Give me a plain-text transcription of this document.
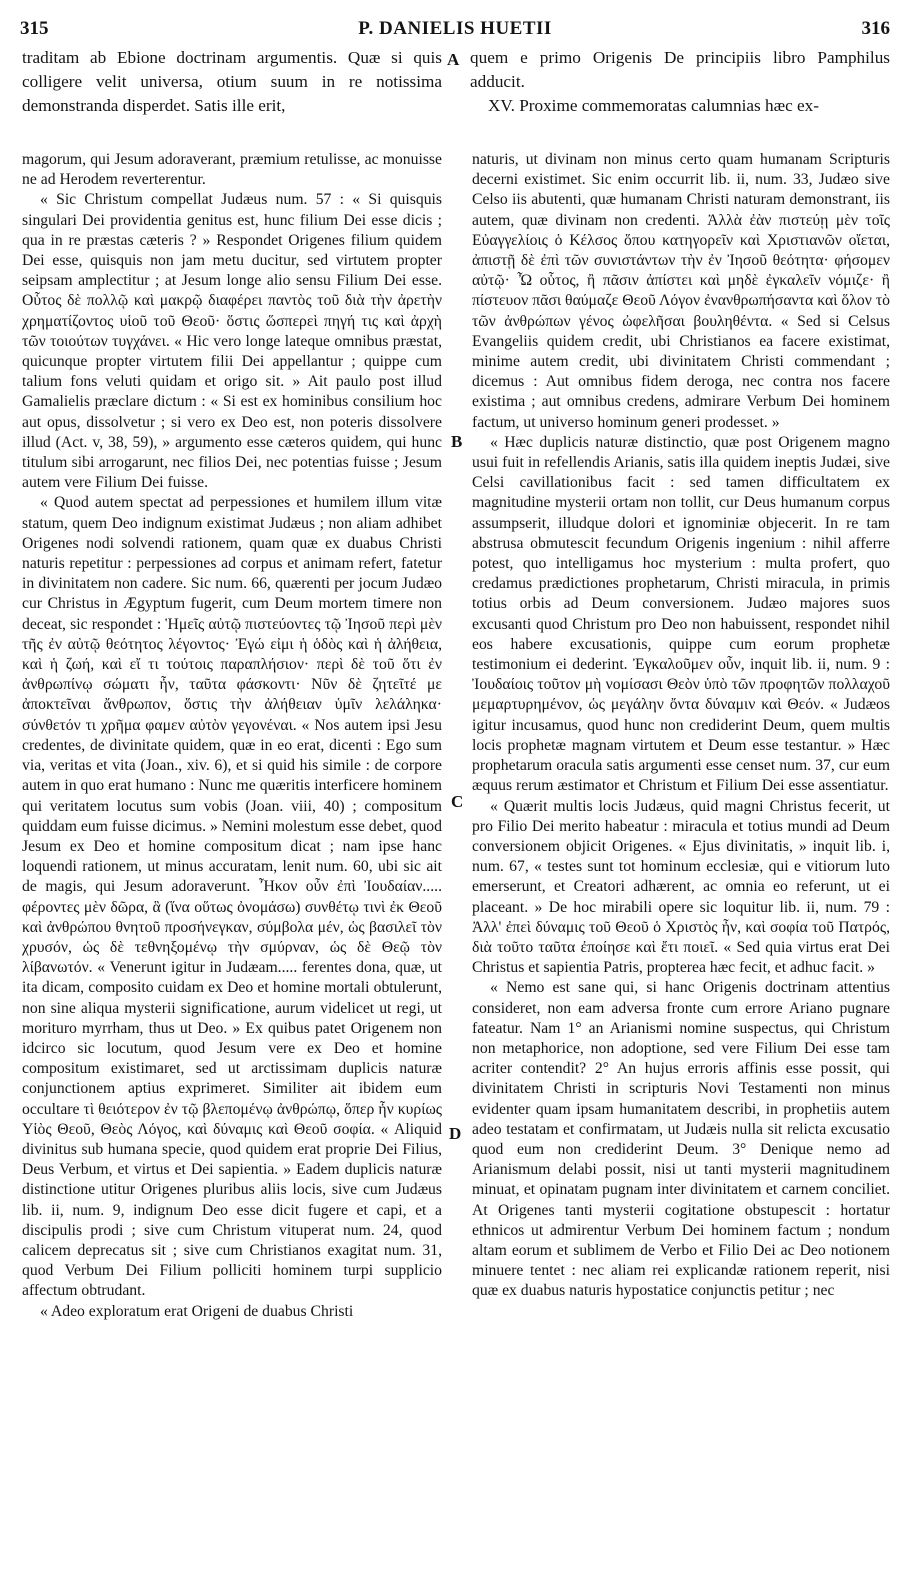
315	P. DANIELIS HUETII	316

traditam ab Ebione doctrinam argumentis. Quæ si quis colligere velit universa, otium suum in re notissima demonstranda disperdet. Satis ille erit,

quem e primo Origenis De principiis libro Pamphilus adducit.

XV. Proxime commemoratas calumnias hæc ex-

A
B
C
D

magorum, qui Jesum adoraverant, præmium retulisse, ac monuisse ne ad Herodem reverterentur.

« Sic Christum compellat Judæus num. 57 : « Si quisquis singulari Dei providentia genitus est, hunc filium Dei esse dicis ; qua in re præstas cæteris ? » Respondet Origenes filium quidem Dei esse, quisquis non jam metu ducitur, sed virtutem propter seipsam amplectitur ; at Jesum longe alio sensu Filium Dei esse. Οὗτος δὲ πολλῷ καὶ μακρῷ διαφέρει παντὸς τοῦ διὰ τὴν ἀρετὴν χρηματίζοντος υἱοῦ τοῦ Θεοῦ· ὅστις ὥσπερεὶ πηγή τις καὶ ἀρχὴ τῶν τοιούτων τυγχάνει. « Hic vero longe lateque omnibus præstat, quicunque propter virtutem filii Dei appellantur ; quippe cum talium fons veluti quidam et origo sit. » Ait paulo post illud Gamalielis præclare dictum : « Si est ex hominibus consilium hoc aut opus, dissolvetur ; si vero ex Deo est, non poteris dissolvere illud (Act. v, 38, 59), » argumento esse cæteros quidem, qui hunc titulum sibi arrogarunt, nec filios Dei, nec potentias fuisse ; Jesum autem vere Filium Dei fuisse.

« Quod autem spectat ad perpessiones et humilem illum vitæ statum, quem Deo indignum existimat Judæus ; non aliam adhibet Origenes nodi solvendi rationem, quam quæ ex duabus Christi naturis repetitur : perpessiones ad corpus et animam refert, fatetur in divinitatem non cadere. Sic num. 66, quærenti per jocum Judæo cur Christus in Ægyptum fugerit, cum Deum mortem timere non deceat, sic respondet : Ἡμεῖς αὐτῷ πιστεύοντες τῷ Ἰησοῦ περὶ μὲν τῆς ἐν αὐτῷ θεότητος λέγοντος· Ἐγώ εἰμι ἡ ὁδὸς καὶ ἡ ἀλήθεια, καὶ ἡ ζωή, καὶ εἴ τι τούτοις παραπλήσιον· περὶ δὲ τοῦ ὅτι ἐν ἀνθρωπίνῳ σώματι ἦν, ταῦτα φάσκοντι· Νῦν δὲ ζητεῖτέ με ἀποκτεῖναι ἄνθρωπον, ὅστις τὴν ἀλήθειαν ὑμῖν λελάληκα· σύνθετόν τι χρῆμα φαμεν αὐτὸν γεγονέναι. « Nos autem ipsi Jesu credentes, de divinitate quidem, quæ in eo erat, dicenti : Ego sum via, veritas et vita (Joan., xiv. 6), et si quid his simile : de corpore autem in quo erat humano : Nunc me quæritis interficere hominem qui veritatem locutus sum vobis (Joan. viii, 40) ; compositum quiddam eum fuisse dicimus. » Nemini molestum esse debet, quod Jesum ex Deo et homine compositum dicat ; nam ipse hanc loquendi rationem, ut minus accuratam, lenit num. 60, ubi sic ait de magis, qui Jesum adoraverunt. Ἦκον οὖν ἐπὶ Ἰουδαίαν..... φέροντες μὲν δῶρα, ἃ (ἵνα οὕτως ὀνομάσω) συνθέτῳ τινὶ ἐκ Θεοῦ καὶ ἀνθρώπου θνητοῦ προσήνεγκαν, σύμβολα μέν, ὡς βασιλεῖ τὸν χρυσόν, ὡς δὲ τεθνηξομένῳ τὴν σμύρναν, ὡς δὲ Θεῷ τὸν λίβανωτόν. « Venerunt igitur in Judæam..... ferentes dona, quæ, ut ita dicam, composito cuidam ex Deo et homine mortali obtulerunt, non sine aliqua mysterii significatione, aurum videlicet ut regi, ut morituro myrrham, thus ut Deo. » Ex quibus patet Origenem non idcirco sic locutum, quod Jesum vere ex Deo et homine compositum existimaret, sed ut arctissimam duplicis naturæ conjunctionem aptius exprimeret. Similiter ait ibidem eum occultare τὶ θειότερον ἐν τῷ βλεπομένῳ ἀνθρώπῳ, ὅπερ ἦν κυρίως Υἱὸς Θεοῦ, Θεὸς Λόγος, καὶ δύναμις καὶ Θεοῦ σοφία. « Aliquid divinitus sub humana specie, quod quidem erat proprie Dei Filius, Deus Verbum, et virtus et Dei sapientia. » Eadem duplicis naturæ distinctione utitur Origenes pluribus aliis locis, sive cum Judæus lib. ii, num. 9, indignum Deo esse dicit fugere et capi, et a discipulis prodi ; sive cum Christum vituperat num. 24, quod calicem deprecatus sit ; sive cum Christianos exagitat num. 31, quod Verbum Dei Filium polliciti hominem turpi supplicio affectum obtrudant.

« Adeo exploratum erat Origeni de duabus Christi

naturis, ut divinam non minus certo quam humanam Scripturis decerni existimet. Sic enim occurrit lib. ii, num. 33, Judæo sive Celso iis abutenti, quæ humanam Christi naturam demonstrant, iis autem, quæ divinam non credenti. Ἀλλὰ ἐὰν πιστεύῃ μὲν τοῖς Εὐαγγελίοις ὁ Κέλσος ὅπου κατηγορεῖν καὶ Χριστιανῶν οἴεται, ἀπιστῇ δὲ ἐπὶ τῶν συνιστάντων τὴν ἐν Ἰησοῦ θεότητα· φήσομεν αὐτῷ· Ὦ οὗτος, ἢ πᾶσιν ἀπίστει καὶ μηδὲ ἐγκαλεῖν νόμιζε· ἢ πίστευον πᾶσι θαύμαζε Θεοῦ Λόγον ἐνανθρωπήσαντα καὶ ὅλον τὸ τῶν ἀνθρώπων γένος ὠφελῆσαι βουληθέντα. « Sed si Celsus Evangeliis quidem credit, ubi Christianos ea facere existimat, minime autem credit, ubi divinitatem Christi commendant ; dicemus : Aut omnibus fidem deroga, nec contra nos facere existima ; aut omnibus credens, admirare Verbum Dei hominem factum, ut universo hominum generi prodesset. »

« Hæc duplicis naturæ distinctio, quæ post Origenem magno usui fuit in refellendis Arianis, satis illa quidem ineptis Judæi, sive Celsi cavillationibus facit : sed tamen difficultatem ex magnitudine mysterii ortam non tollit, cur Deus humanum corpus assumpserit, illudque dolori et ignominiæ objecerit. In re tam abstrusa obmutescit fecundum Origenis ingenium : nihil afferre potest, quo intelligamus hoc mysterium : multa profert, quo credamus prædictiones prophetarum, Christi miracula, in primis totius orbis ad Deum conversionem. Judæo majores suos excusanti quod Christum pro Deo non habuissent, respondet nihil eos habere excusationis, quippe cum eorum prophetæ testimonium ei dederint. Ἐγκαλοῦμεν οὖν, inquit lib. ii, num. 9 : Ἰουδαίοις τοῦτον μὴ νομίσασι Θεὸν ὑπὸ τῶν προφητῶν πολλαχοῦ μεμαρτυρημένον, ὡς μεγάλην ὄντα δύναμιν καὶ Θεόν. « Judæos igitur incusamus, quod hunc non crediderint Deum, quem multis locis prophetæ magnam virtutem et Deum esse testantur. » Hæc prophetarum oracula satis argumenti esse censet num. 37, cur eum æquus rerum æstimator et Christum et Filium Dei esse assentiatur.

« Quærit multis locis Judæus, quid magni Christus fecerit, ut pro Filio Dei merito habeatur : miracula et totius mundi ad Deum conversionem objicit Origenes. « Ejus divinitatis, » inquit lib. i, num. 67, « testes sunt tot hominum ecclesiæ, qui e vitiorum luto emerserunt, et Creatori adhærent, ac omnia eo referunt, ut ei placeant. » De hoc mirabili opere sic loquitur lib. ii, num. 79 : Ἀλλ' ἐπεὶ δύναμις τοῦ Θεοῦ ὁ Χριστὸς ἦν, καὶ σοφία τοῦ Πατρός, διὰ τοῦτο ταῦτα ἐποίησε καὶ ἔτι ποιεῖ. « Sed quia virtus erat Dei Christus et sapientia Patris, propterea hæc fecit, et adhuc facit. »

« Nemo est sane qui, si hanc Origenis doctrinam attentius consideret, non eam adversa fronte cum errore Ariano pugnare fateatur. Nam 1° an Arianismi nomine suspectus, qui Christum non metaphorice, non adoptione, sed vere Filium Dei esse tam acriter contendit? 2° An hujus erroris affinis esse possit, qui divinitatem Christi in scripturis Novi Testamenti non minus evidenter quam ipsam humanitatem describi, in prophetiis autem adeo testatam et confirmatam, ut Judæis nulla sit relicta excusatio quod eum non crediderint Deum. 3° Denique nemo ad Arianismum delabi possit, nisi ut tanti mysterii magnitudinem minuat, et opinatam pugnam inter divinitatem et carnem conciliet. At Origenes tanti mysterii cogitatione obstupescit : hortatur ethnicos ut admirentur Verbum Dei hominem factum ; nondum altam eorum et sublimem de Verbo et Filio Dei ac Deo notionem minuere tentet : nec aliam rei explicandæ rationem reperit, nisi quæ ex duabus naturis hypostatice conjunctis petitur ; nec
